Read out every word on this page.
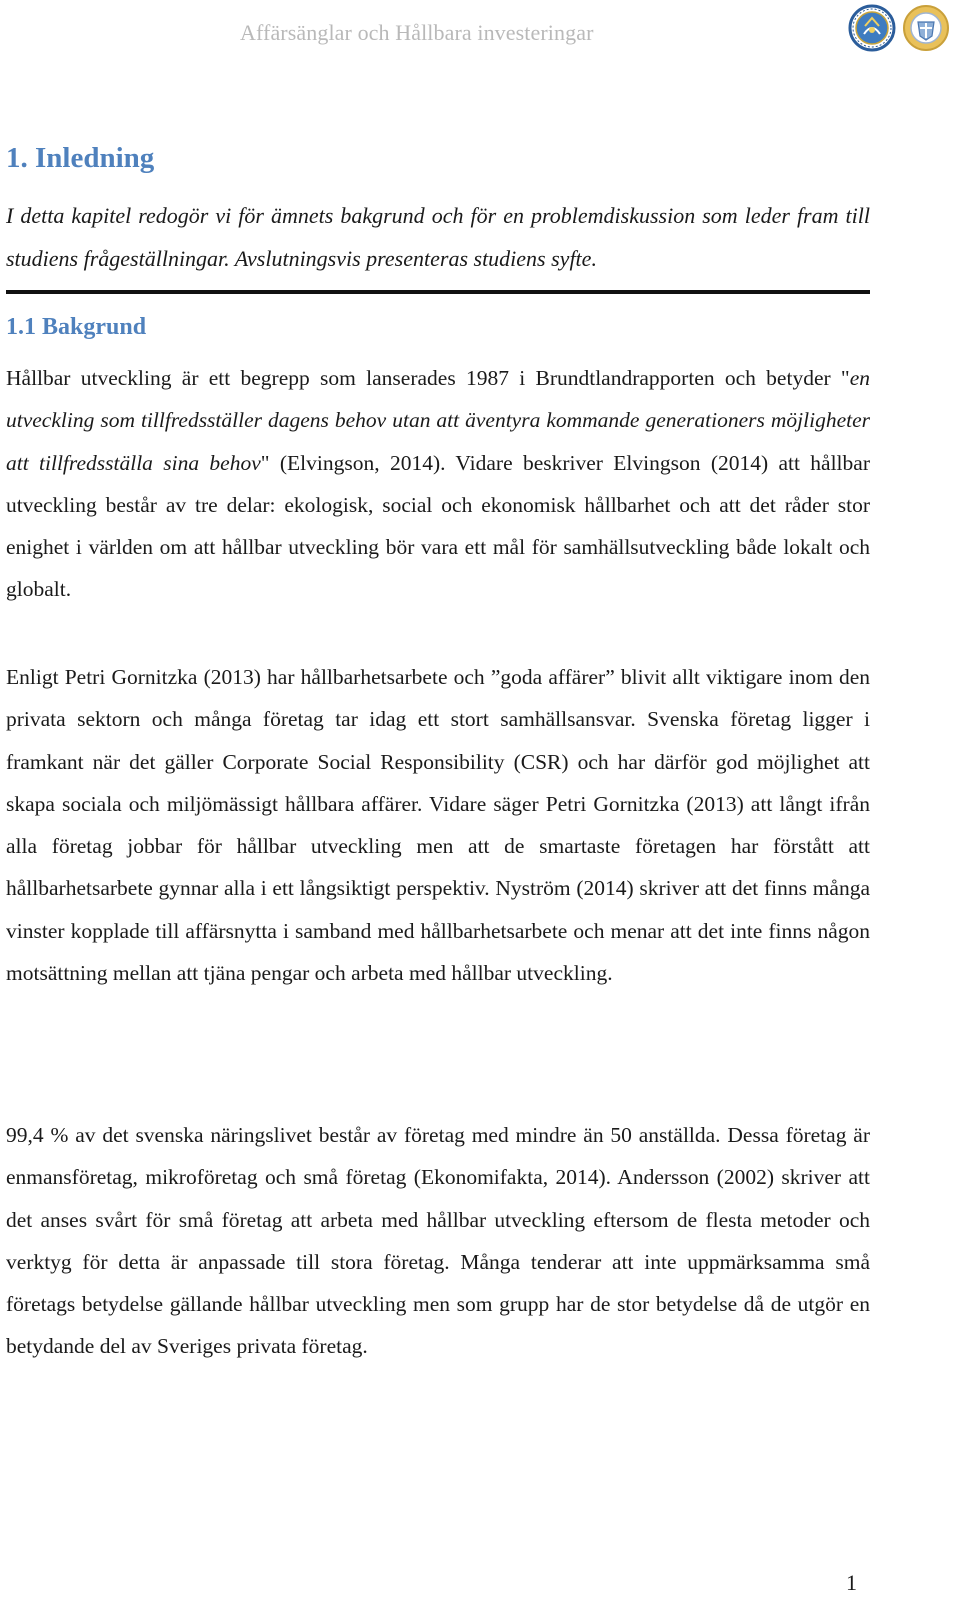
Affärsänglar och Hållbara investeringar
1. Inledning

I detta kapitel redogör vi för ämnets bakgrund och för en problemdiskussion som leder fram till studiens frågeställningar. Avslutningsvis presenteras studiens syfte.

1.1 Bakgrund

Hållbar utveckling är ett begrepp som lanserades 1987 i Brundtlandrapporten och betyder "en utveckling som tillfredsställer dagens behov utan att äventyra kommande generationers möjligheter att tillfredsställa sina behov" (Elvingson, 2014). Vidare beskriver Elvingson (2014) att hållbar utveckling består av tre delar: ekologisk, social och ekonomisk hållbarhet och att det råder stor enighet i världen om att hållbar utveckling bör vara ett mål för samhällsutveckling både lokalt och globalt.

Enligt Petri Gornitzka (2013) har hållbarhetsarbete och ”goda affärer” blivit allt viktigare inom den privata sektorn och många företag tar idag ett stort samhällsansvar. Svenska företag ligger i framkant när det gäller Corporate Social Responsibility (CSR) och har därför god möjlighet att skapa sociala och miljömässigt hållbara affärer. Vidare säger Petri Gornitzka (2013) att långt ifrån alla företag jobbar för hållbar utveckling men att de smartaste företagen har förstått att hållbarhetsarbete gynnar alla i ett långsiktigt perspektiv. Nyström (2014) skriver att det finns många vinster kopplade till affärsnytta i samband med hållbarhetsarbete och menar att det inte finns någon motsättning mellan att tjäna pengar och arbeta med hållbar utveckling.

99,4 % av det svenska näringslivet består av företag med mindre än 50 anställda. Dessa företag är enmansföretag, mikroföretag och små företag (Ekonomifakta, 2014). Andersson (2002) skriver att det anses svårt för små företag att arbeta med hållbar utveckling eftersom de flesta metoder och verktyg för detta är anpassade till stora företag. Många tenderar att inte uppmärksamma små företags betydelse gällande hållbar utveckling men som grupp har de stor betydelse då de utgör en betydande del av Sveriges privata företag.

1
